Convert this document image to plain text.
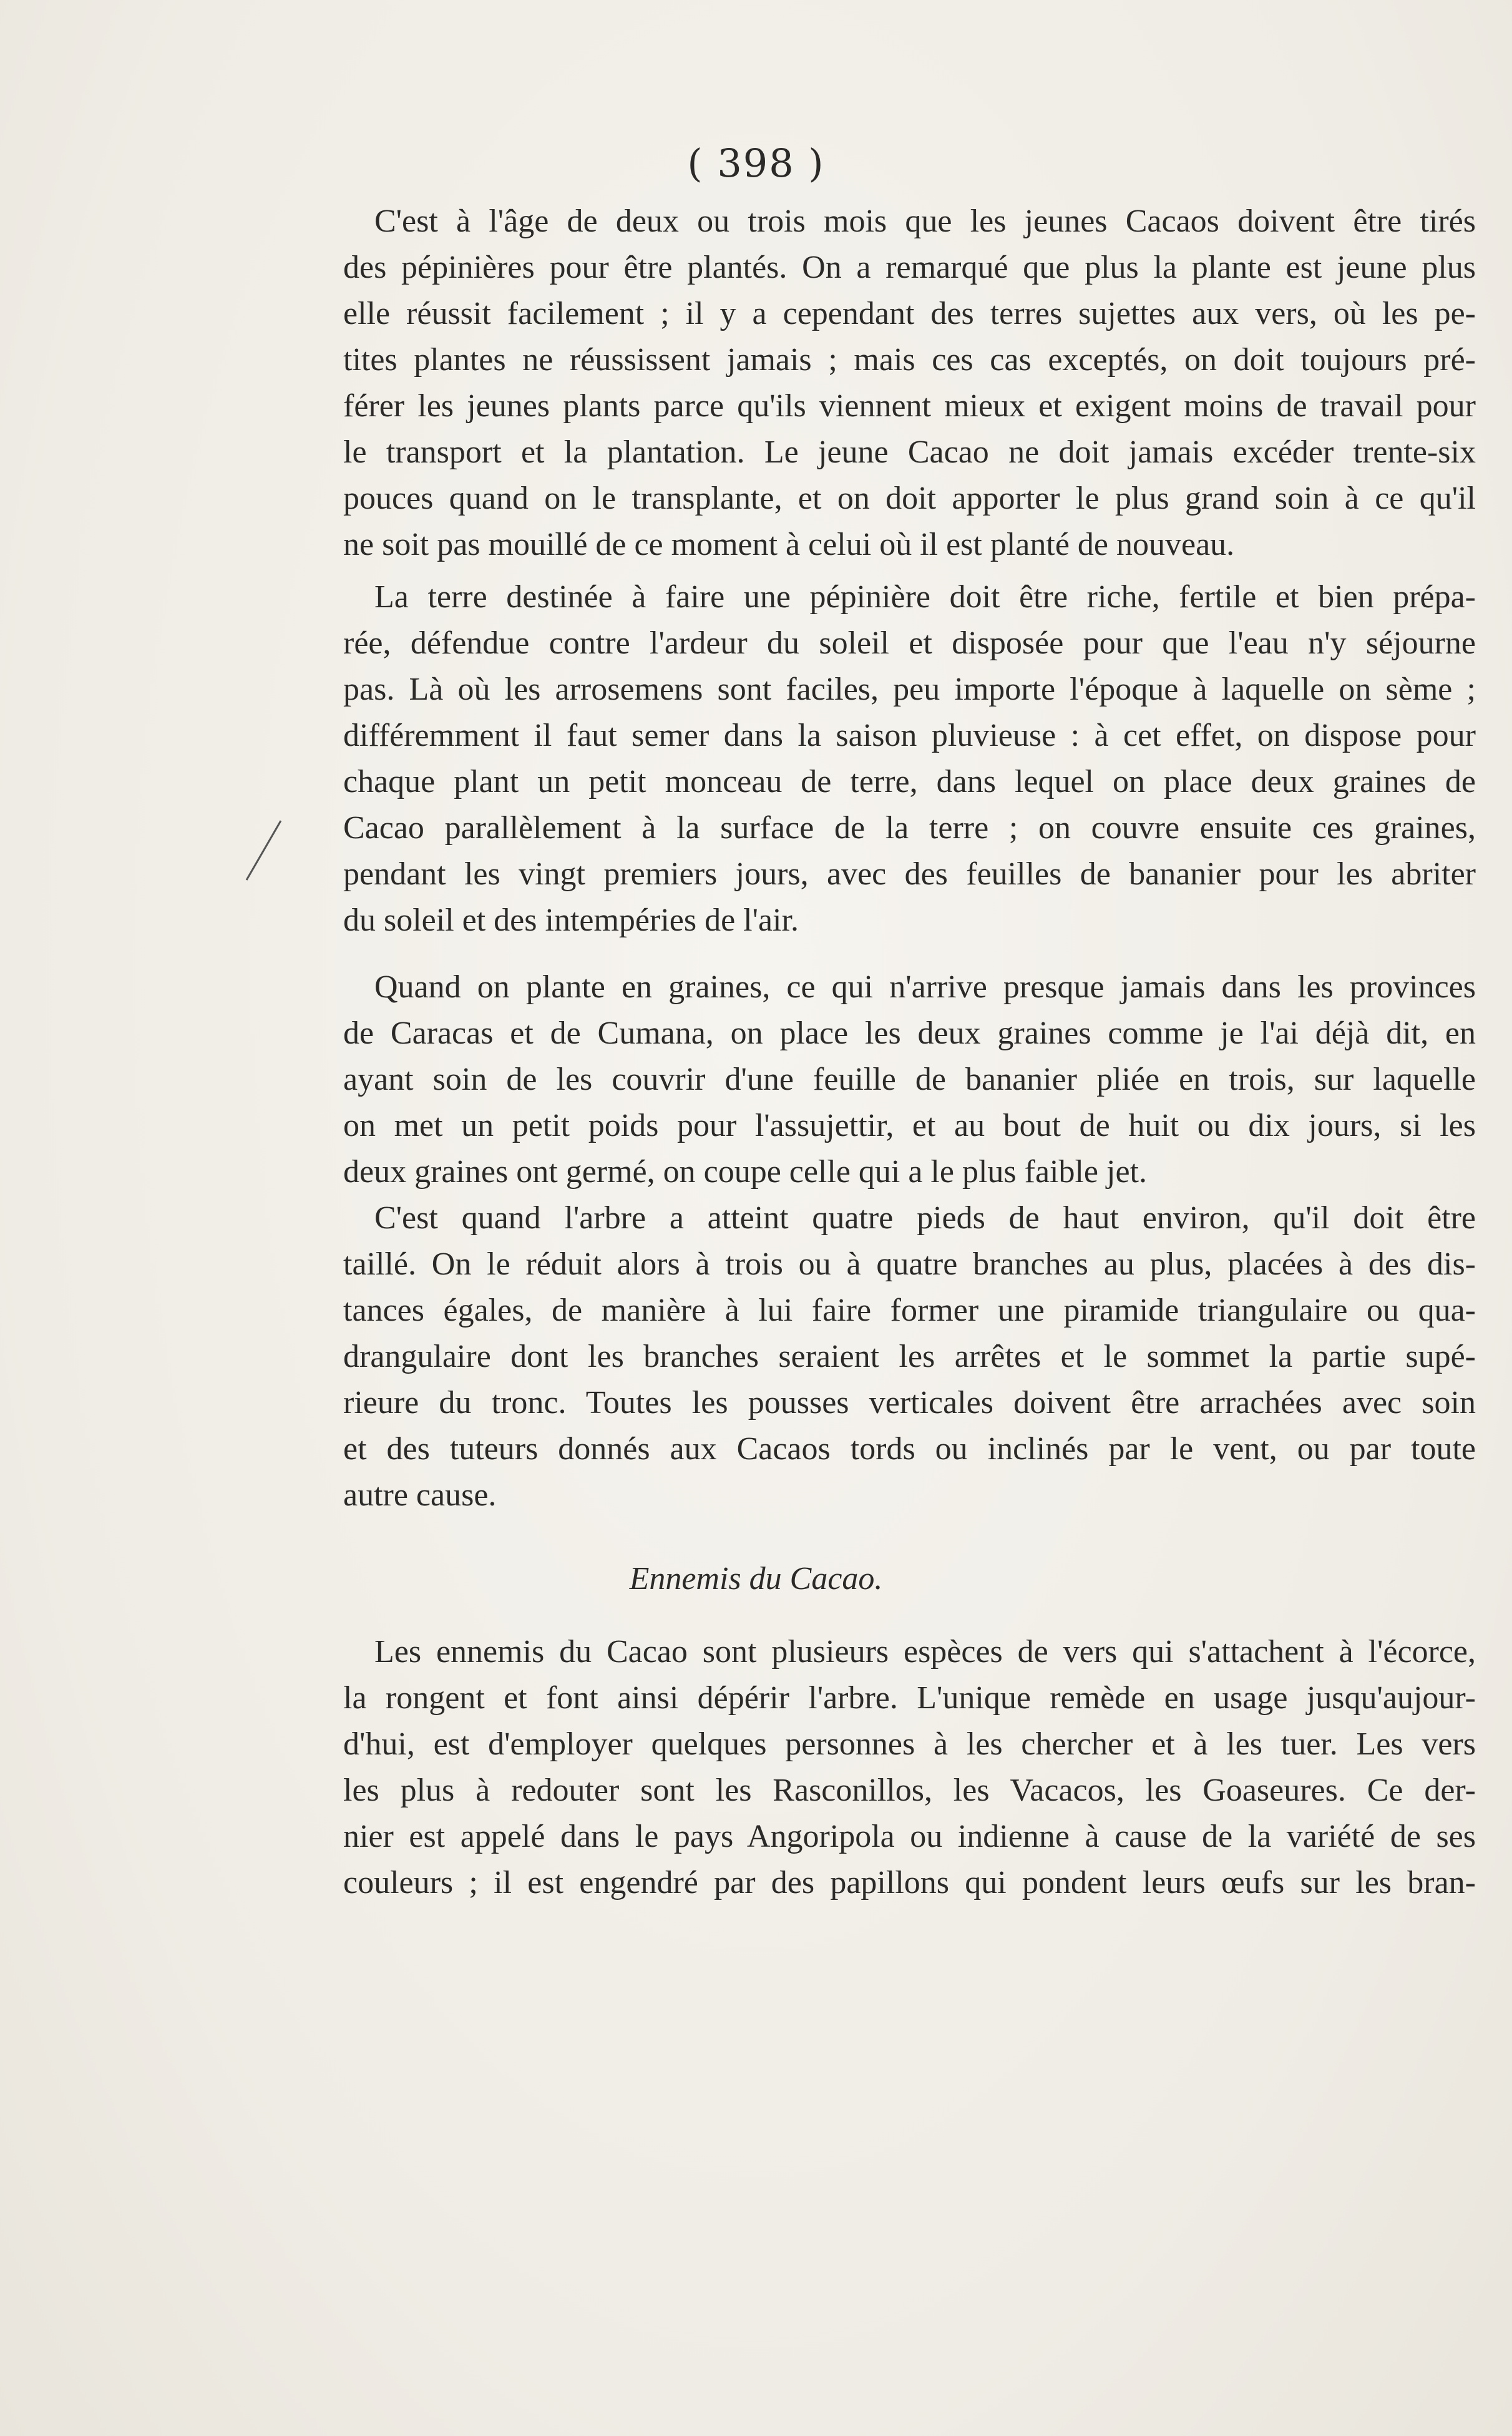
( 398 )
C'est à l'âge de deux ou trois mois que les jeunes Cacaos doivent être tirés
des pépinières pour être plantés. On a remarqué que plus la plante est jeune plus
elle réussit facilement ; il y a cependant des terres sujettes aux vers, où les pe-
tites plantes ne réussissent jamais ; mais ces cas exceptés, on doit toujours pré-
férer les jeunes plants parce qu'ils viennent mieux et exigent moins de travail pour
le transport et la plantation. Le jeune Cacao ne doit jamais excéder trente-six
pouces quand on le transplante, et on doit apporter le plus grand soin à ce qu'il
ne soit pas mouillé de ce moment à celui où il est planté de nouveau.
La terre destinée à faire une pépinière doit être riche, fertile et bien prépa-
rée, défendue contre l'ardeur du soleil et disposée pour que l'eau n'y séjourne
pas. Là où les arrosemens sont faciles, peu importe l'époque à laquelle on sème ;
différemment il faut semer dans la saison pluvieuse : à cet effet, on dispose pour
chaque plant un petit monceau de terre, dans lequel on place deux graines de
Cacao parallèlement à la surface de la terre ; on couvre ensuite ces graines,
pendant les vingt premiers jours, avec des feuilles de bananier pour les abriter
du soleil et des intempéries de l'air.
Quand on plante en graines, ce qui n'arrive presque jamais dans les provinces
de Caracas et de Cumana, on place les deux graines comme je l'ai déjà dit, en
ayant soin de les couvrir d'une feuille de bananier pliée en trois, sur laquelle
on met un petit poids pour l'assujettir, et au bout de huit ou dix jours, si les
deux graines ont germé, on coupe celle qui a le plus faible jet.
C'est quand l'arbre a atteint quatre pieds de haut environ, qu'il doit être
taillé. On le réduit alors à trois ou à quatre branches au plus, placées à des dis-
tances égales, de manière à lui faire former une piramide triangulaire ou qua-
drangulaire dont les branches seraient les arrêtes et le sommet la partie supé-
rieure du tronc. Toutes les pousses verticales doivent être arrachées avec soin
et des tuteurs donnés aux Cacaos tords ou inclinés par le vent, ou par toute
autre cause.
Ennemis du Cacao.
Les ennemis du Cacao sont plusieurs espèces de vers qui s'attachent à l'écorce,
la rongent et font ainsi dépérir l'arbre. L'unique remède en usage jusqu'aujour-
d'hui, est d'employer quelques personnes à les chercher et à les tuer. Les vers
les plus à redouter sont les Rasconillos, les Vacacos, les Goaseures. Ce der-
nier est appelé dans le pays Angoripola ou indienne à cause de la variété de ses
couleurs ; il est engendré par des papillons qui pondent leurs œufs sur les bran-
